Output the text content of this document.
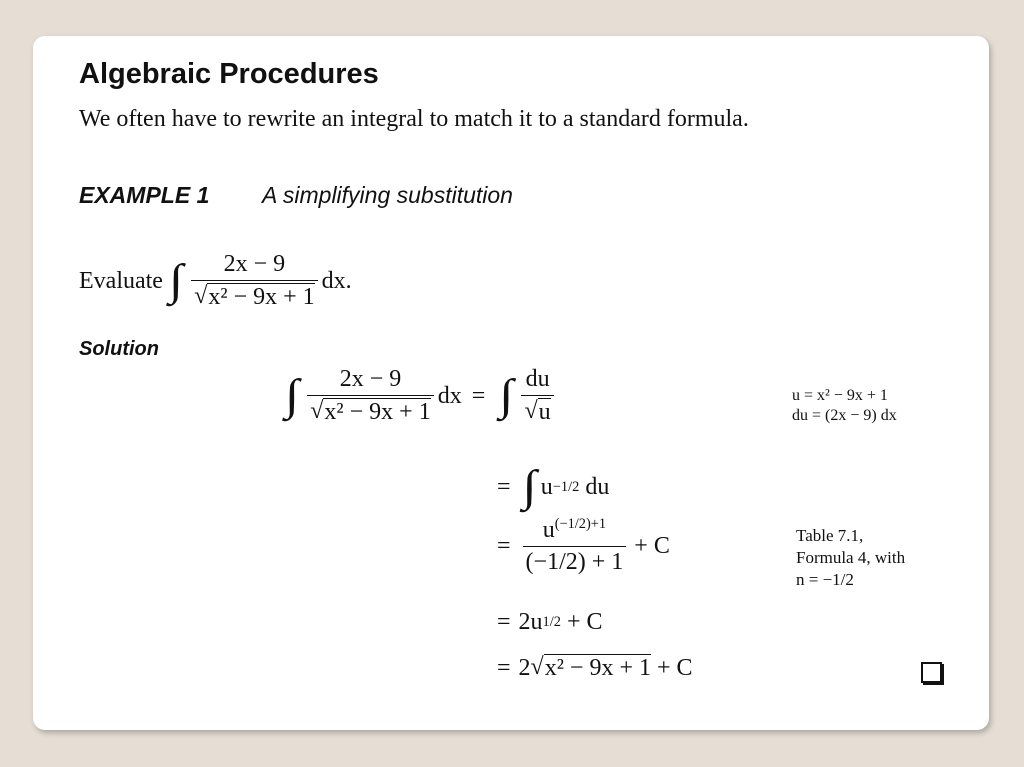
Algebraic Procedures
We often have to rewrite an integral to match it to a standard formula.
EXAMPLE 1 A simplifying substitution
Evaluate ∫ $\frac{2x - 9}{\text{√ x² − 9x + 1}}$ dx.
Solution
∫ $\frac{2x - 9}{\text{√ x² − 9x + 1}}$ dx = ∫ $\frac{du}{√ u}$	u = x² − 9x + 1
du = (2x − 9) dx
= ∫ u −1/2 du
= $\frac{u^{(-1/2)+1}}{(-1/2) + 1} + C$	Table 7.1,
Formula 4, with
n = −1/2
= 2u 1/2 + C
= 2 √ x² − 9x + 1 + C
